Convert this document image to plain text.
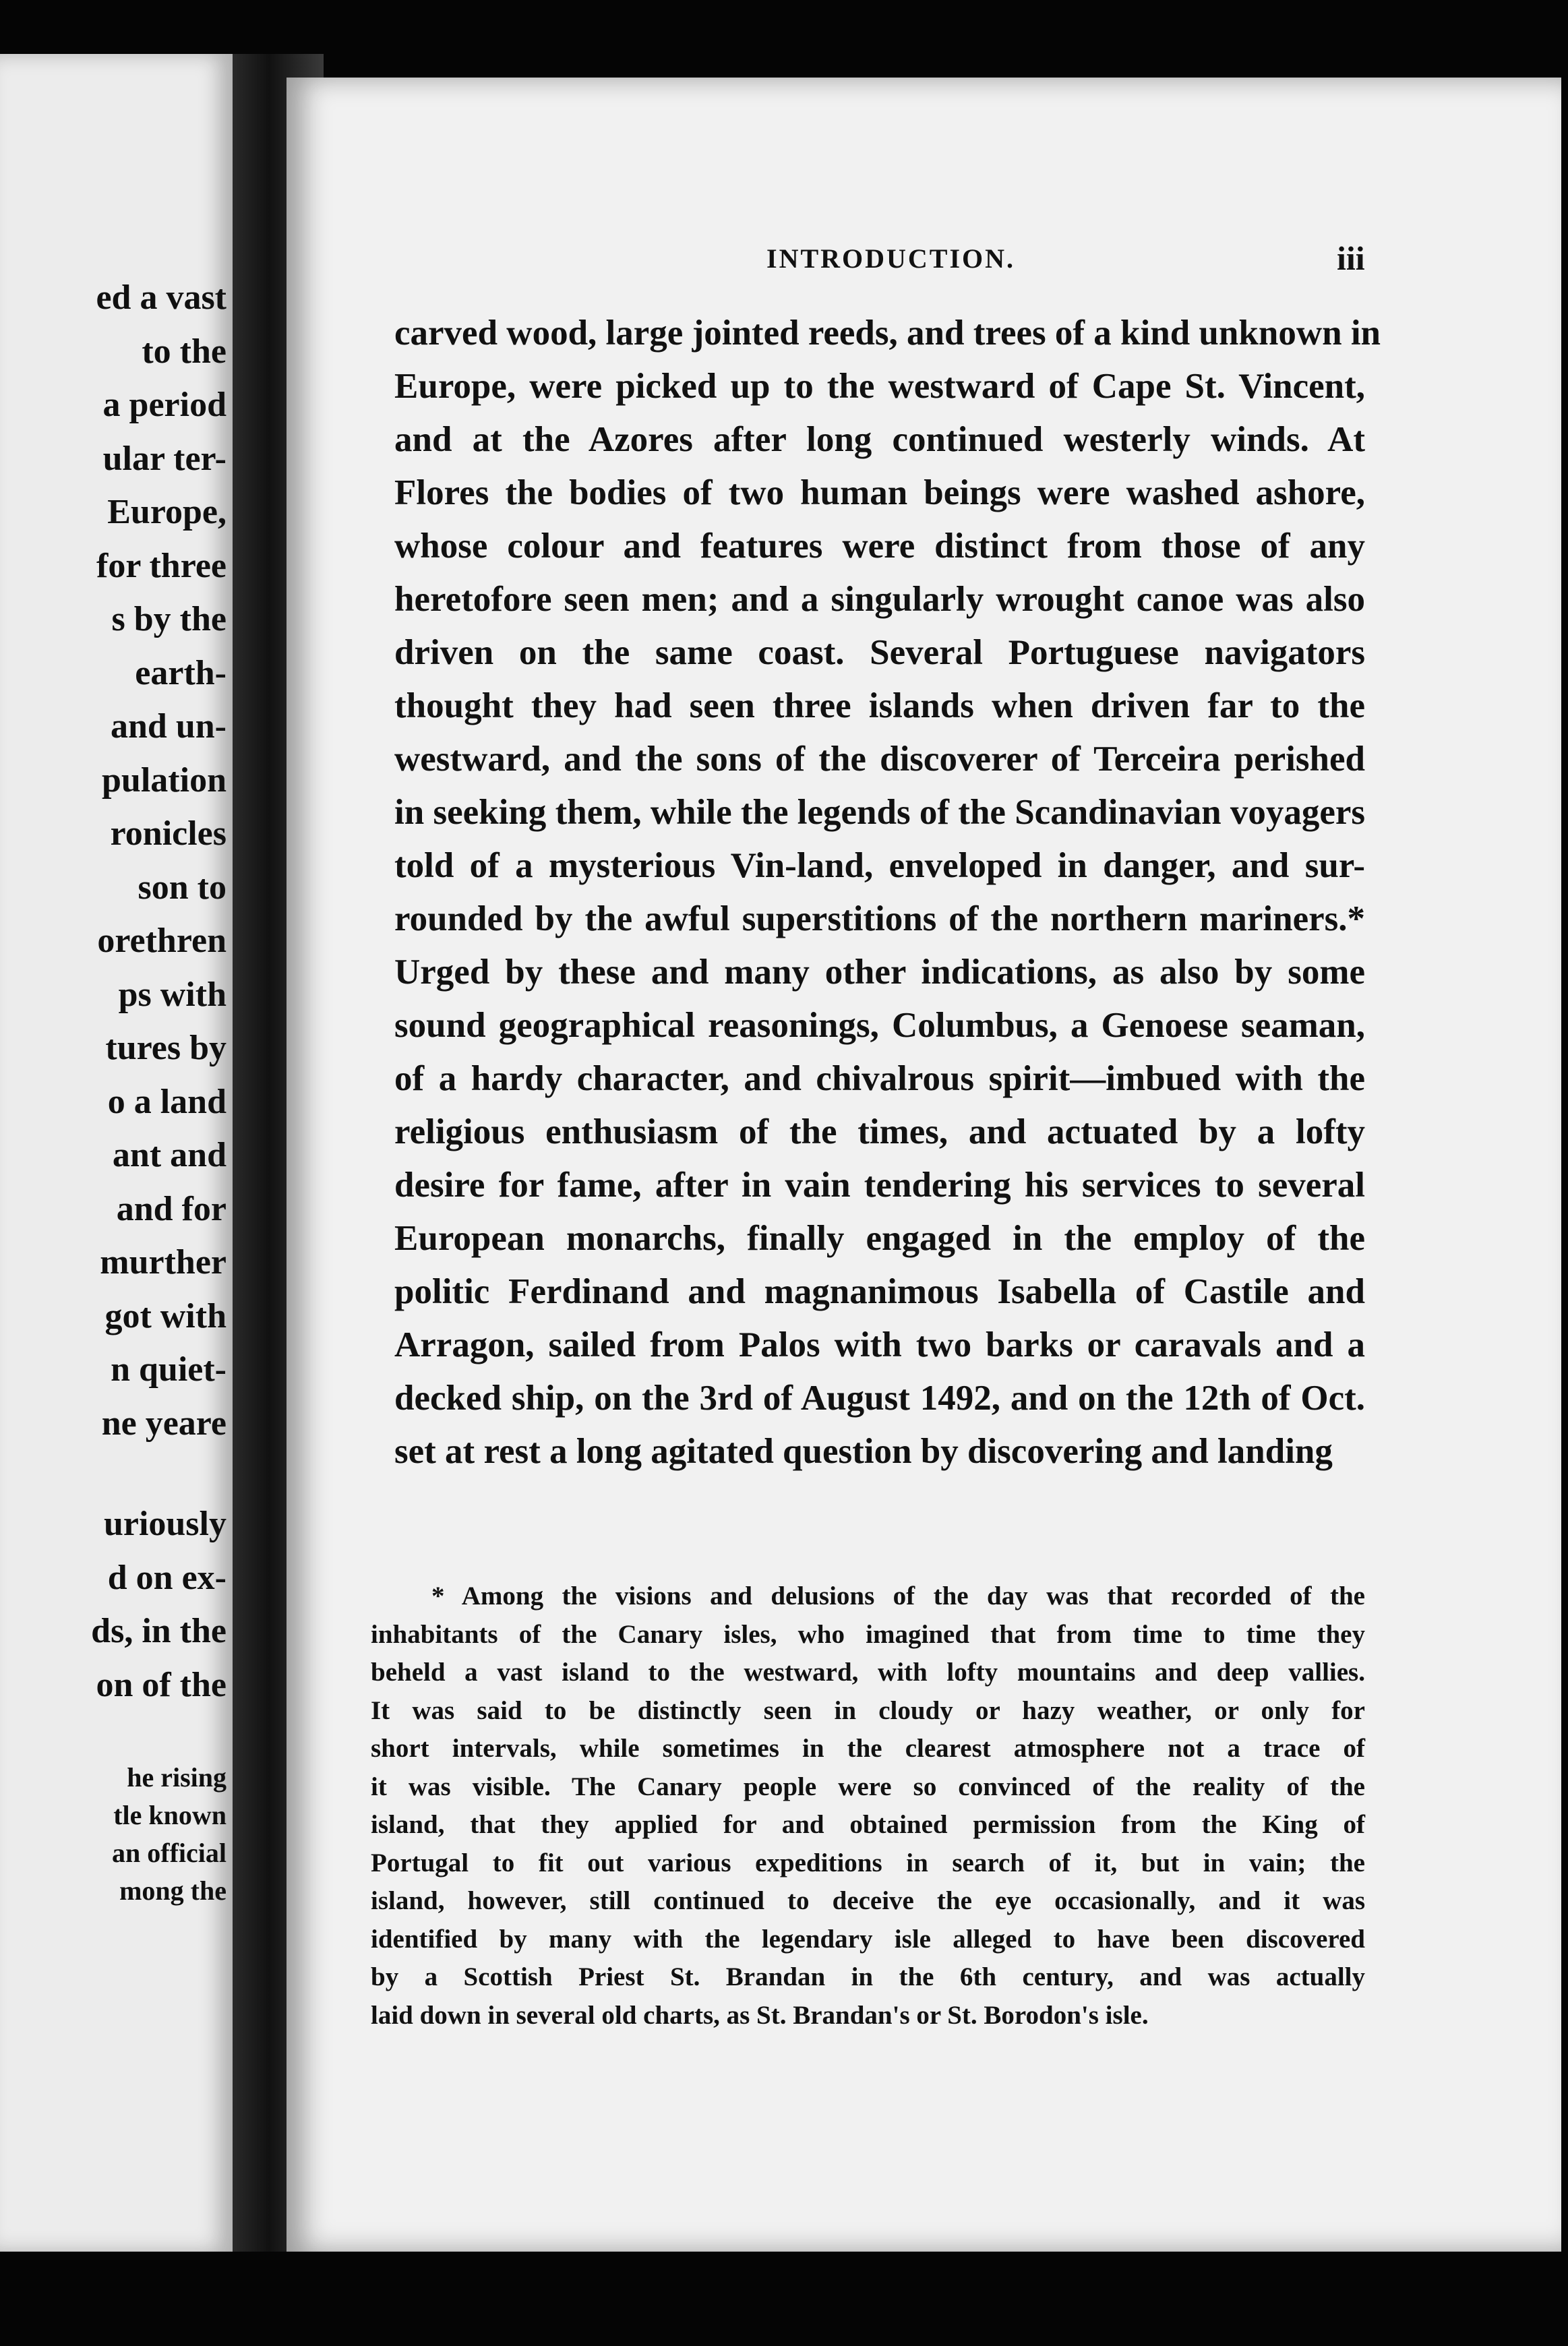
ed a vast
to the
a period
ular ter-
Europe,
for three
s by the
earth-
and un-
pulation
ronicles
son to
orethren
ps with
tures by
o a land
ant and
and for
murther
got with
n quiet-
ne yeare
uriously
d on ex-
ds, in the
on of the
he rising
tle known
an official
mong the
INTRODUCTION.	iii
carved wood, large jointed reeds, and trees of a kind unknown in
Europe, were picked up to the westward of Cape St. Vincent,
and at the Azores after long continued westerly winds. At
Flores the bodies of two human beings were washed ashore,
whose colour and features were distinct from those of any
heretofore seen men; and a singularly wrought canoe was also
driven on the same coast. Several Portuguese navigators
thought they had seen three islands when driven far to the
westward, and the sons of the discoverer of Terceira perished
in seeking them, while the legends of the Scandinavian voyagers
told of a mysterious Vin-land, enveloped in danger, and sur-
rounded by the awful superstitions of the northern mariners.*
Urged by these and many other indications, as also by some
sound geographical reasonings, Columbus, a Genoese seaman,
of a hardy character, and chivalrous spirit—imbued with the
religious enthusiasm of the times, and actuated by a lofty
desire for fame, after in vain tendering his services to several
European monarchs, finally engaged in the employ of the
politic Ferdinand and magnanimous Isabella of Castile and
Arragon, sailed from Palos with two barks or caravals and a
decked ship, on the 3rd of August 1492, and on the 12th of Oct.
set at rest a long agitated question by discovering and landing
* Among the visions and delusions of the day was that recorded of the
inhabitants of the Canary isles, who imagined that from time to time they
beheld a vast island to the westward, with lofty mountains and deep vallies.
It was said to be distinctly seen in cloudy or hazy weather, or only for
short intervals, while sometimes in the clearest atmosphere not a trace of
it was visible. The Canary people were so convinced of the reality of the
island, that they applied for and obtained permission from the King of
Portugal to fit out various expeditions in search of it, but in vain; the
island, however, still continued to deceive the eye occasionally, and it was
identified by many with the legendary isle alleged to have been discovered
by a Scottish Priest St. Brandan in the 6th century, and was actually
laid down in several old charts, as St. Brandan's or St. Borodon's isle.
